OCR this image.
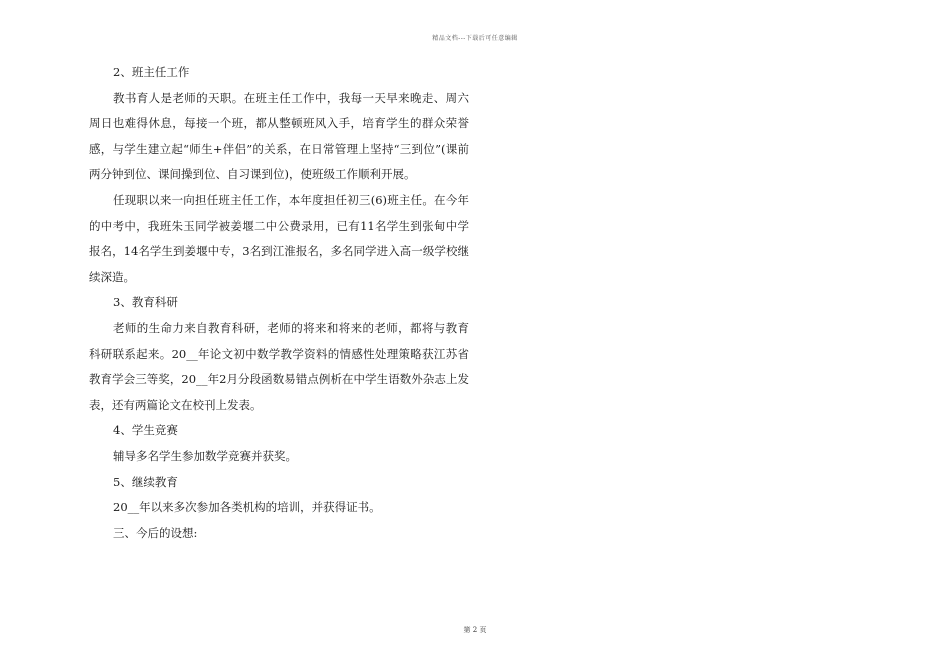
精品文档---下载后可任意编辑

2、班主任工作

教书育人是老师的天职。在班主任工作中，我每一天早来晚走、周六周日也难得休息，每接一个班，都从整顿班风入手，培育学生的群众荣誉感，与学生建立起“师生+伴侣”的关系，在日常管理上坚持“三到位”(课前两分钟到位、课间操到位、自习课到位)，使班级工作顺利开展。

任现职以来一向担任班主任工作，本年度担任初三(6)班主任。在今年的中考中，我班朱玉同学被姜堰二中公费录用，已有11名学生到张甸中学报名，14名学生到姜堰中专，3名到江淮报名，多名同学进入高一级学校继续深造。

3、教育科研

老师的生命力来自教育科研，老师的将来和将来的老师，都将与教育科研联系起来。20__年论文初中数学教学资料的情感性处理策略获江苏省教育学会三等奖，20__年2月分段函数易错点例析在中学生语数外杂志上发表，还有两篇论文在校刊上发表。

4、学生竞赛

辅导多名学生参加数学竞赛并获奖。

5、继续教育

20__年以来多次参加各类机构的培训，并获得证书。

三、今后的设想:

第 2 页
